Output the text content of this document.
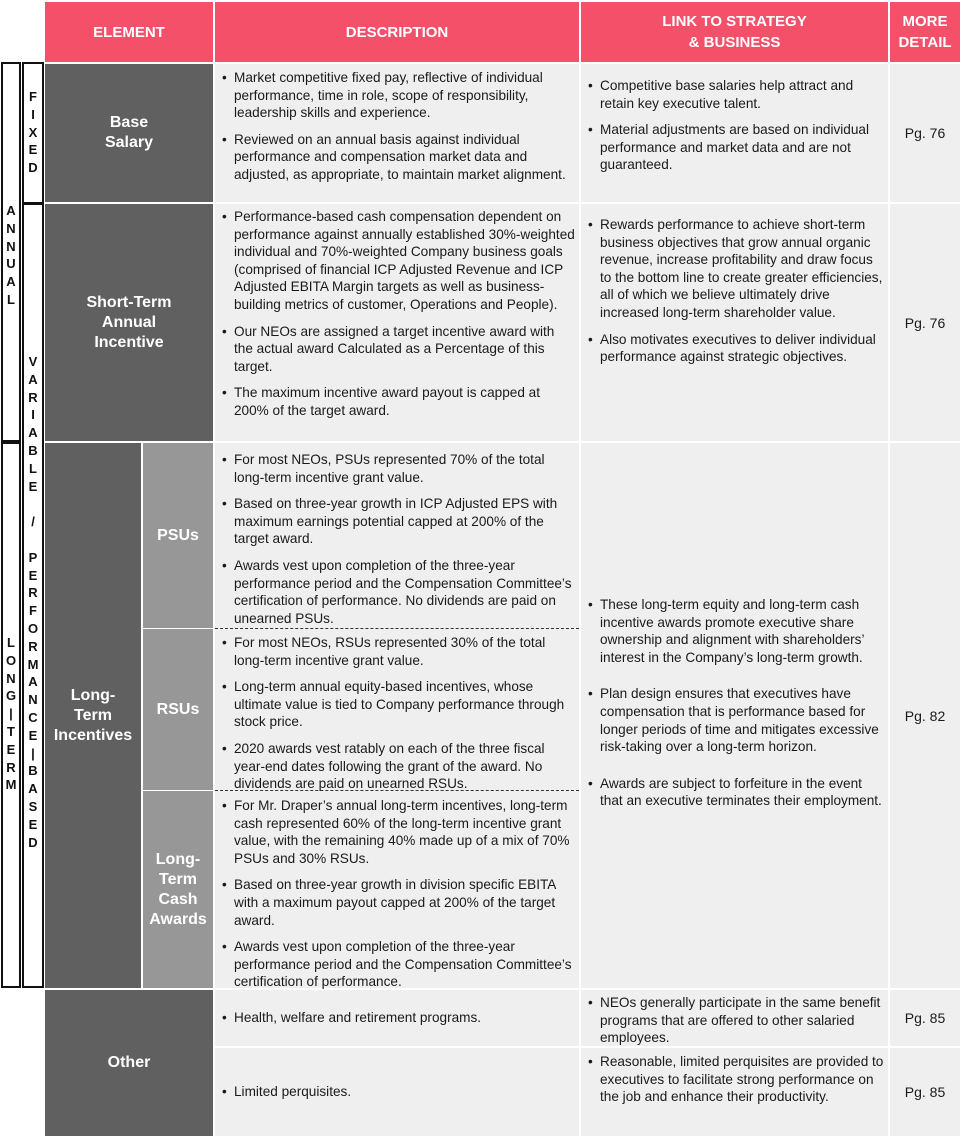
ELEMENT	DESCRIPTION
LINK TO STRATEGY
& BUSINESS
MORE
DETAIL
A
N
N
U
A
L
L
O
N
G
|
T
E
R
M
F
I
X
E
D
V
A
R
I
A
B
L
E

/

P
E
R
F
O
R
M
A
N
C
E
|
B
A
S
E
D
Base
Salary
• Market competitive fixed pay, reflective of individual performance, time in role, scope of responsibility, leadership skills and experience.
• Reviewed on an annual basis against individual performance and compensation market data and adjusted, as appropriate, to maintain market alignment.
• Competitive base salaries help attract and retain key executive talent.
• Material adjustments are based on individual performance and market data and are not guaranteed.
Pg. 76
Short-Term
Annual
Incentive
• Performance-based cash compensation dependent on performance against annually established 30%-weighted individual and 70%-weighted Company business goals (comprised of financial ICP Adjusted Revenue and ICP Adjusted EBITA Margin targets as well as business-building metrics of customer, Operations and People).
• Our NEOs are assigned a target incentive award with the actual award Calculated as a Percentage of this target.
• The maximum incentive award payout is capped at 200% of the target award.
• Rewards performance to achieve short-term business objectives that grow annual organic revenue, increase profitability and draw focus to the bottom line to create greater efficiencies, all of which we believe ultimately drive increased long-term shareholder value.
• Also motivates executives to deliver individual performance against strategic objectives.
Pg. 76
Long-
Term
Incentives
PSUs
RSUs
Long-
Term
Cash
Awards
• For most NEOs, PSUs represented 70% of the total long-term incentive grant value.
• Based on three-year growth in ICP Adjusted EPS with maximum earnings potential capped at 200% of the target award.
• Awards vest upon completion of the three-year performance period and the Compensation Committee’s certification of performance. No dividends are paid on unearned PSUs.
• For most NEOs, RSUs represented 30% of the total long-term incentive grant value.
• Long-term annual equity-based incentives, whose ultimate value is tied to Company performance through stock price.
• 2020 awards vest ratably on each of the three fiscal year-end dates following the grant of the award. No dividends are paid on unearned RSUs.
• For Mr. Draper’s annual long-term incentives, long-term cash represented 60% of the long-term incentive grant value, with the remaining 40% made up of a mix of 70% PSUs and 30% RSUs.
• Based on three-year growth in division specific EBITA with a maximum payout capped at 200% of the target award.
• Awards vest upon completion of the three-year performance period and the Compensation Committee’s certification of performance.
• These long-term equity and long-term cash incentive awards promote executive share ownership and alignment with shareholders’ interest in the Company’s long-term growth.
• Plan design ensures that executives have compensation that is performance based for longer periods of time and mitigates excessive risk-taking over a long-term horizon.
• Awards are subject to forfeiture in the event that an executive terminates their employment.
Pg. 82
Other
• Health, welfare and retirement programs.
• NEOs generally participate in the same benefit programs that are offered to other salaried employees.
Pg. 85
• Limited perquisites.
• Reasonable, limited perquisites are provided to executives to facilitate strong performance on the job and enhance their productivity.	Pg. 85
